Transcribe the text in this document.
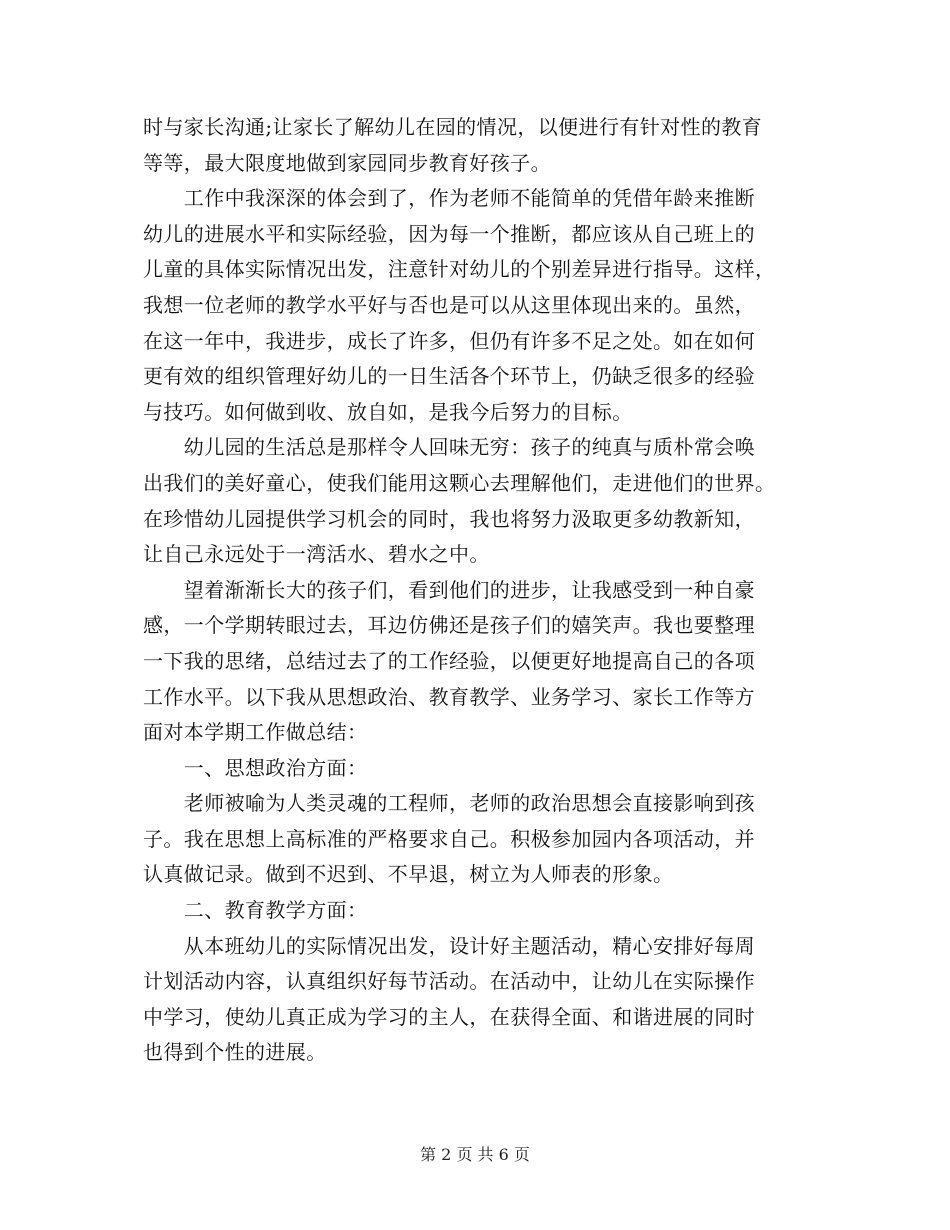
时与家长沟通;让家长了解幼儿在园的情况，以便进行有针对性的教育
等等，最大限度地做到家园同步教育好孩子。
　　工作中我深深的体会到了，作为老师不能简单的凭借年龄来推断
幼儿的进展水平和实际经验，因为每一个推断，都应该从自己班上的
儿童的具体实际情况出发，注意针对幼儿的个别差异进行指导。这样，
我想一位老师的教学水平好与否也是可以从这里体现出来的。虽然，
在这一年中，我进步，成长了许多，但仍有许多不足之处。如在如何
更有效的组织管理好幼儿的一日生活各个环节上，仍缺乏很多的经验
与技巧。如何做到收、放自如，是我今后努力的目标。
　　幼儿园的生活总是那样令人回味无穷：孩子的纯真与质朴常会唤
出我们的美好童心，使我们能用这颗心去理解他们，走进他们的世界。
在珍惜幼儿园提供学习机会的同时，我也将努力汲取更多幼教新知，
让自己永远处于一湾活水、碧水之中。
　　望着渐渐长大的孩子们，看到他们的进步，让我感受到一种自豪
感，一个学期转眼过去，耳边仿佛还是孩子们的嬉笑声。我也要整理
一下我的思绪，总结过去了的工作经验，以便更好地提高自己的各项
工作水平。以下我从思想政治、教育教学、业务学习、家长工作等方
面对本学期工作做总结：
　　一、思想政治方面：
　　老师被喻为人类灵魂的工程师，老师的政治思想会直接影响到孩
子。我在思想上高标准的严格要求自己。积极参加园内各项活动，并
认真做记录。做到不迟到、不早退，树立为人师表的形象。
　　二、教育教学方面：
　　从本班幼儿的实际情况出发，设计好主题活动，精心安排好每周
计划活动内容，认真组织好每节活动。在活动中，让幼儿在实际操作
中学习，使幼儿真正成为学习的主人，在获得全面、和谐进展的同时
也得到个性的进展。
第 2 页 共 6 页
